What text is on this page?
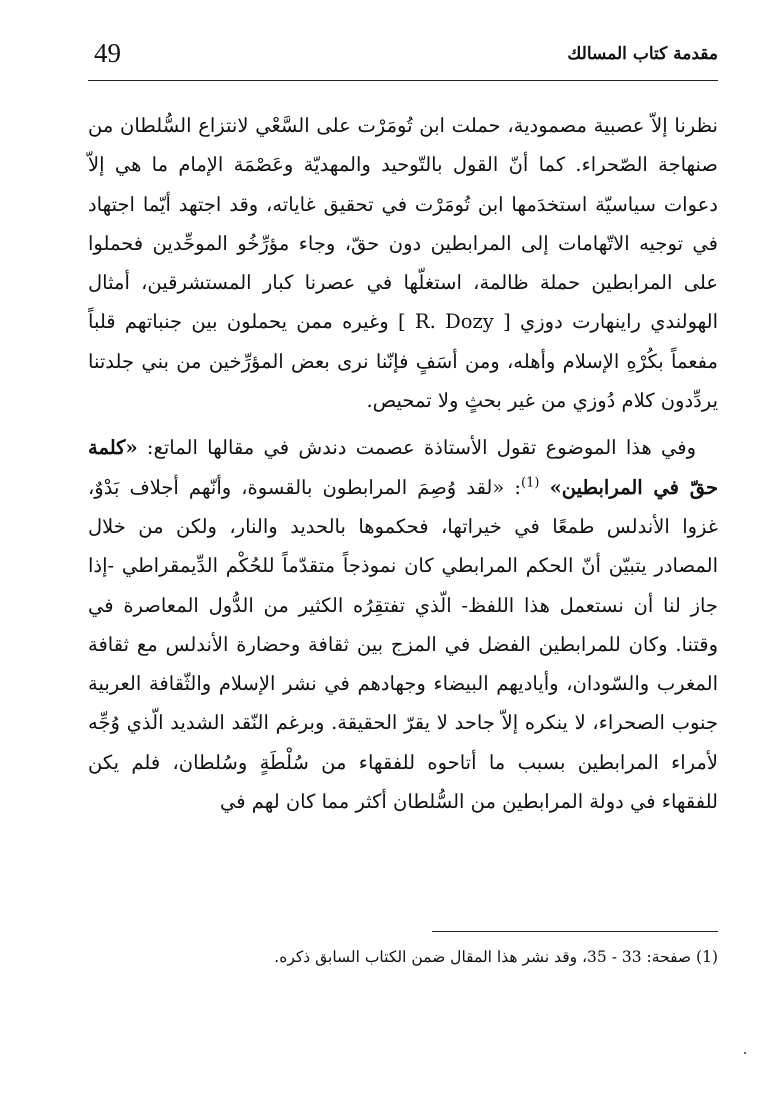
49	مقدمة كتاب المسالك

نظرنا إلاّ عصبية مصمودية، حملت ابن تُومَرْت على السَّعْي لانتزاع السُّلطان من صنهاجة الصّحراء. كما أنّ القول بالتّوحيد والمهديّة وعَصْمَة الإمام ما هي إلاّ دعوات سياسيّة استخدَمها ابن تُومَرْت في تحقيق غاياته، وقد اجتهد أيّما اجتهاد في توجيه الاتّهامات إلى المرابطين دون حقّ، وجاء مؤرِّخُو الموحِّدين فحملوا على المرابطين حملة ظالمة، استغلّها في عصرنا كبار المستشرقين، أمثال الهولندي راينهارت دوزي [ R. Dozy ] وغيره ممن يحملون بين جنباتهم قلباً مفعماً بكُرْهِ الإسلام وأهله، ومن أسَفٍ فإنّنا نرى بعض المؤرِّخين من بني جلدتنا يردِّدون كلام دُوزي من غير بحثٍ ولا تمحيص.

وفي هذا الموضوع تقول الأستاذة عصمت دندش في مقالها الماتع: «كلمة حقّ في المرابطين» $^{(1)}$: «لقد وُصِمَ المرابطون بالقسوة، وأنّهم أجلاف بَدْوٌ، غزوا الأندلس طمعًا في خيراتها، فحكموها بالحديد والنار، ولكن من خلال المصادر يتبيّن أنّ الحكم المرابطي كان نموذجاً متقدّماً للحُكْم الدِّيمقراطي -إذا جاز لنا أن نستعمل هذا اللفظ- الّذي تفتقِرُه الكثير من الدُّول المعاصرة في وقتنا. وكان للمرابطين الفضل في المزج بين ثقافة وحضارة الأندلس مع ثقافة المغرب والسّودان، وأياديهم البيضاء وجهادهم في نشر الإسلام والثّقافة العربية جنوب الصحراء، لا ينكره إلاّ جاحد لا يقرّ الحقيقة. وبرغم النّقد الشديد الّذي وُجِّه لأمراء المرابطين بسبب ما أتاحوه للفقهاء من سُلْطَةٍ وسُلطان، فلم يكن للفقهاء في دولة المرابطين من السُّلطان أكثر مما كان لهم في

(1) صفحة: 33 - 35، وقد نشر هذا المقال ضمن الكتاب السابق ذكره.
